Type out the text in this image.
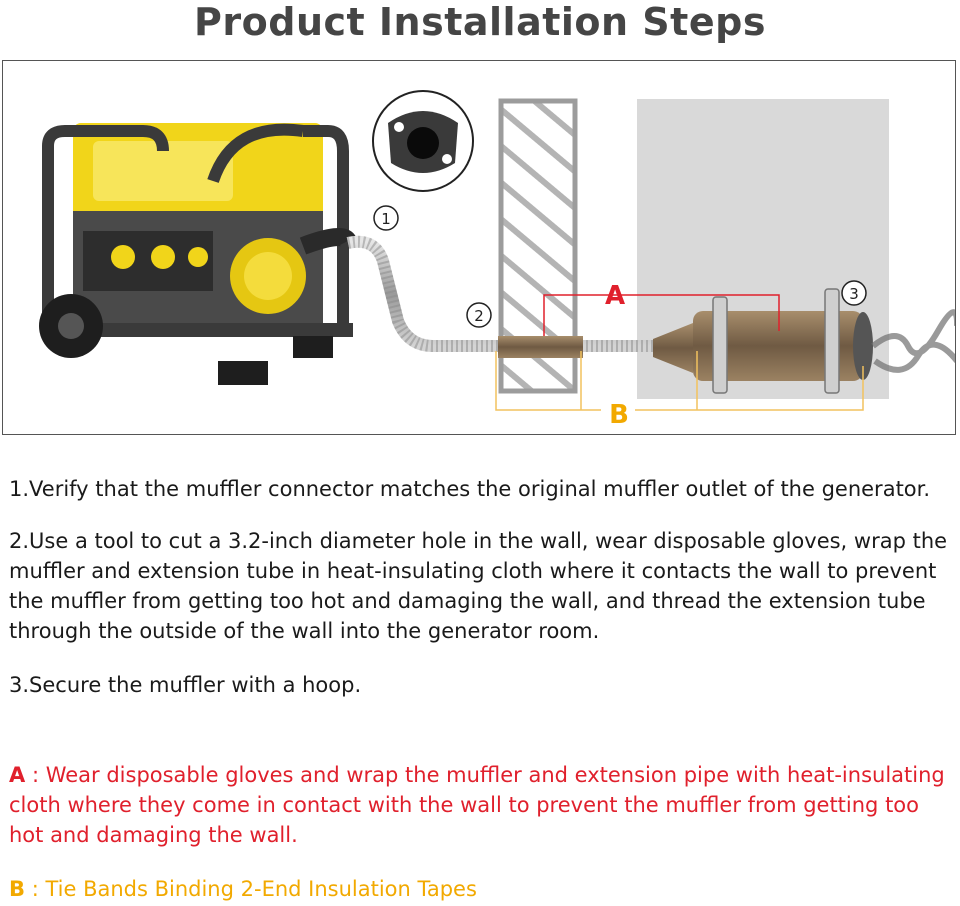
Product Installation Steps
1
2
3
A
B

1.Verify that the muffler connector matches the original muffler outlet of the generator.

2.Use a tool to cut a 3.2-inch diameter hole in the wall, wear disposable gloves, wrap the muffler and extension tube in heat-insulating cloth where it contacts the wall to prevent the muffler from getting too hot and damaging the wall, and thread the extension tube through the outside of the wall into the generator room.

3.Secure the muffler with a hoop.

A : Wear disposable gloves and wrap the muffler and extension pipe with heat-insulating cloth where they come in contact with the wall to prevent the muffler from getting too hot and damaging the wall.
B : Tie Bands Binding 2-End Insulation Tapes
